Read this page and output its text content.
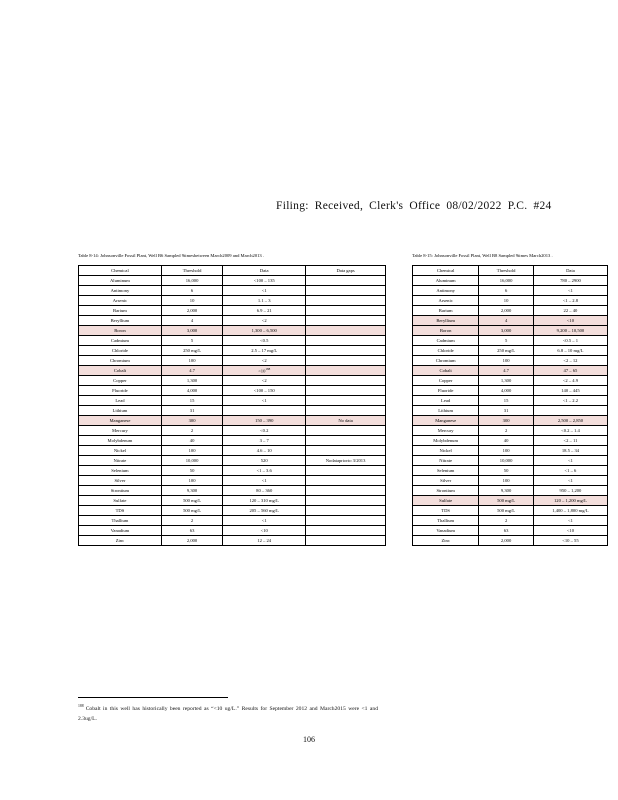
Filing: Received, Clerk's Office 08/02/2022 P.C. #24
Table 8-14: Johnsonville Fossil Plant, Well B6 Sampled 9timesbetween March2009 and March2013 .
Chemical	Threshold	Data	Data gaps
Aluminum	16,000	<100 – 135	
Antimony	6	<1	
Arsenic	10	1.1 – 3	
Barium	2,000	6.9 – 21	
Beryllium	4	<2	
Boron	3,000	1,300 – 6,500	
Cadmium	5	<0.5	
Chloride	250 mg/L	2.5 – 17 mg/L	
Chromium	100	<2	
Cobalt	4.7	$<10^{188}$	
Copper	1,300	<2	
Fluoride	4,000	<100 – 150	
Lead	15	<1	
Lithium	31		
Manganese	300	150 – 390	No data
Mercury	2	<0.2	
Molybdenum	40	3 – 7	
Nickel	100	4.6 – 10	
Nitrate	10,000	520	Nodatapriorto 3/2013
Selenium	50	<1 – 3.6	
Silver	100	<1	
Strontium	9,300	80 – 360	
Sulfate	500 mg/L	120 – 310 mg/L	
TDS	500 mg/L	205 – 560 mg/L	
Thallium	2	<1	
Vanadium	63	<10	
Zinc	2,000	12 – 24	
Table 8-15: Johnsonville Fossil Plant, Well B8 Sampled 9times March2013 .
Chemical	Threshold	Data
Aluminum	16,000	780 – 2900
Antimony	6	<1
Arsenic	10	<1 – 2.8
Barium	2,000	22 – 40
Beryllium	4	<10
Boron	3,000	9,200 – 10,500
Cadmium	5	<0.5 – 1
Chloride	250 mg/L	6.8 – 10 mg/L
Chromium	100	<2 – 12
Cobalt	4.7	47 – 65
Copper	1,300	<2 – 4.9
Fluoride	4,000	140 – 445
Lead	15	<1 – 2.2
Lithium	31	
Manganese	300	2,500 – 2,850
Mercury	2	<0.2 – 1.4
Molybdenum	40	<2 – 11
Nickel	100	18.5 – 34
Nitrate	10,000	<1
Selenium	50	<1 – 6
Silver	100	<1
Strontium	9,300	950 – 1,200
Sulfate	500 mg/L	120 – 1,200 mg/L
TDS	500 mg/L	1,400 – 1,800 mg/L
Thallium	2	<1
Vanadium	63	<10
Zinc	2,000	<10 – 55
$^{188}$ Cobalt in this well has historically been reported as “<10 ug/L.” Results for September 2012 and March2015 were <1 and 2.3ug/L.
106
